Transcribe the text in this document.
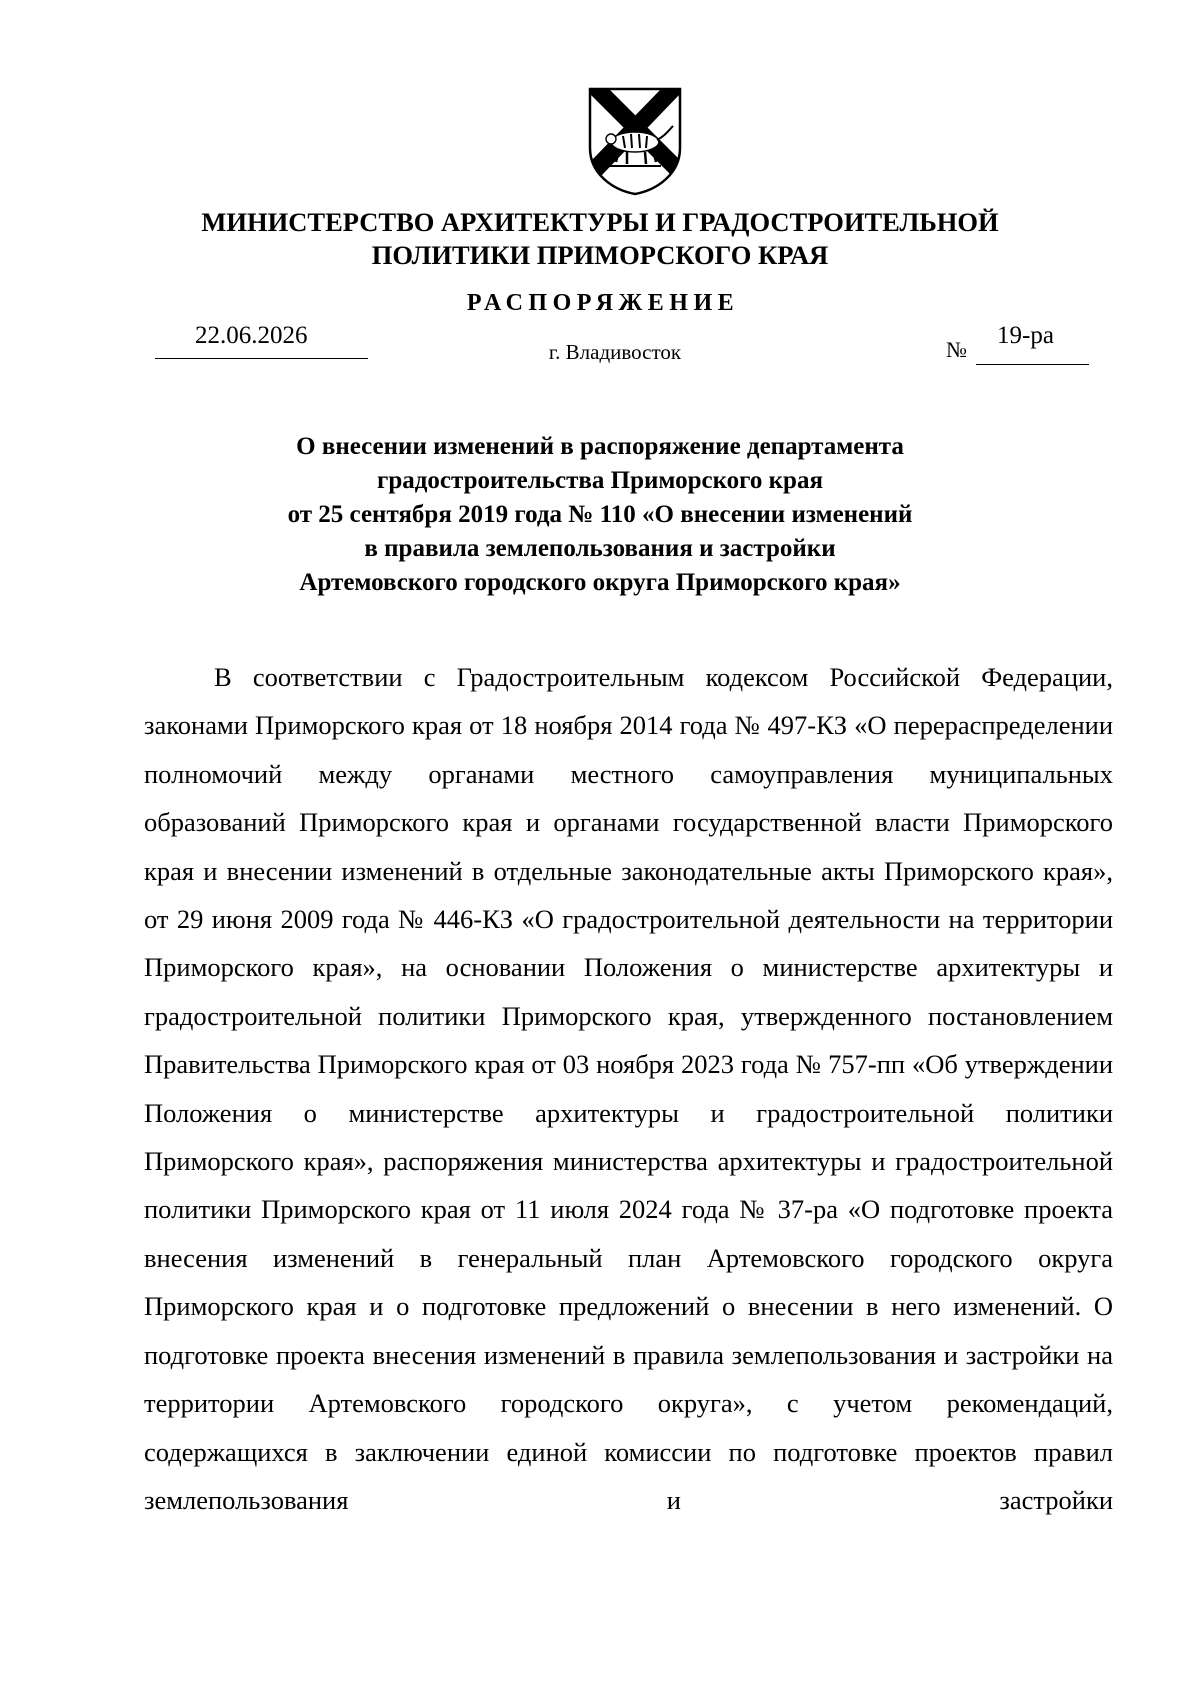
МИНИСТЕРСТВО АРХИТЕКТУРЫ И ГРАДОСТРОИТЕЛЬНОЙ
ПОЛИТИКИ ПРИМОРСКОГО КРАЯ
РАСПОРЯЖЕНИЕ
22.06.2026
г. Владивосток	№
19-ра
О внесении изменений в распоряжение департамента
градостроительства Приморского края
от 25 сентября 2019 года № 110 «О внесении изменений
в правила землепользования и застройки
Артемовского городского округа Приморского края»

В соответствии с Градостроительным кодексом Российской Федерации, законами Приморского края от 18 ноября 2014 года № 497-КЗ «О перераспределении полномочий между органами местного самоуправления муниципальных образований Приморского края и органами государственной власти Приморского края и внесении изменений в отдельные законодательные акты Приморского края», от 29 июня 2009 года № 446-КЗ «О градостроительной деятельности на территории Приморского края», на основании Положения о министерстве архитектуры и градостроительной политики Приморского края, утвержденного постановлением Правительства Приморского края от 03 ноября 2023 года № 757-пп «Об утверждении Положения о министерстве архитектуры и градостроительной политики Приморского края», распоряжения министерства архитектуры и градостроительной политики Приморского края от 11 июля 2024 года № 37-ра «О подготовке проекта внесения изменений в генеральный план Артемовского городского округа Приморского края и о подготовке предложений о внесении в него изменений. О подготовке проекта внесения изменений в правила землепользования и застройки на территории Артемовского городского округа», с учетом рекомендаций, содержащихся в заключении единой комиссии по подготовке проектов правил землепользования и застройки
